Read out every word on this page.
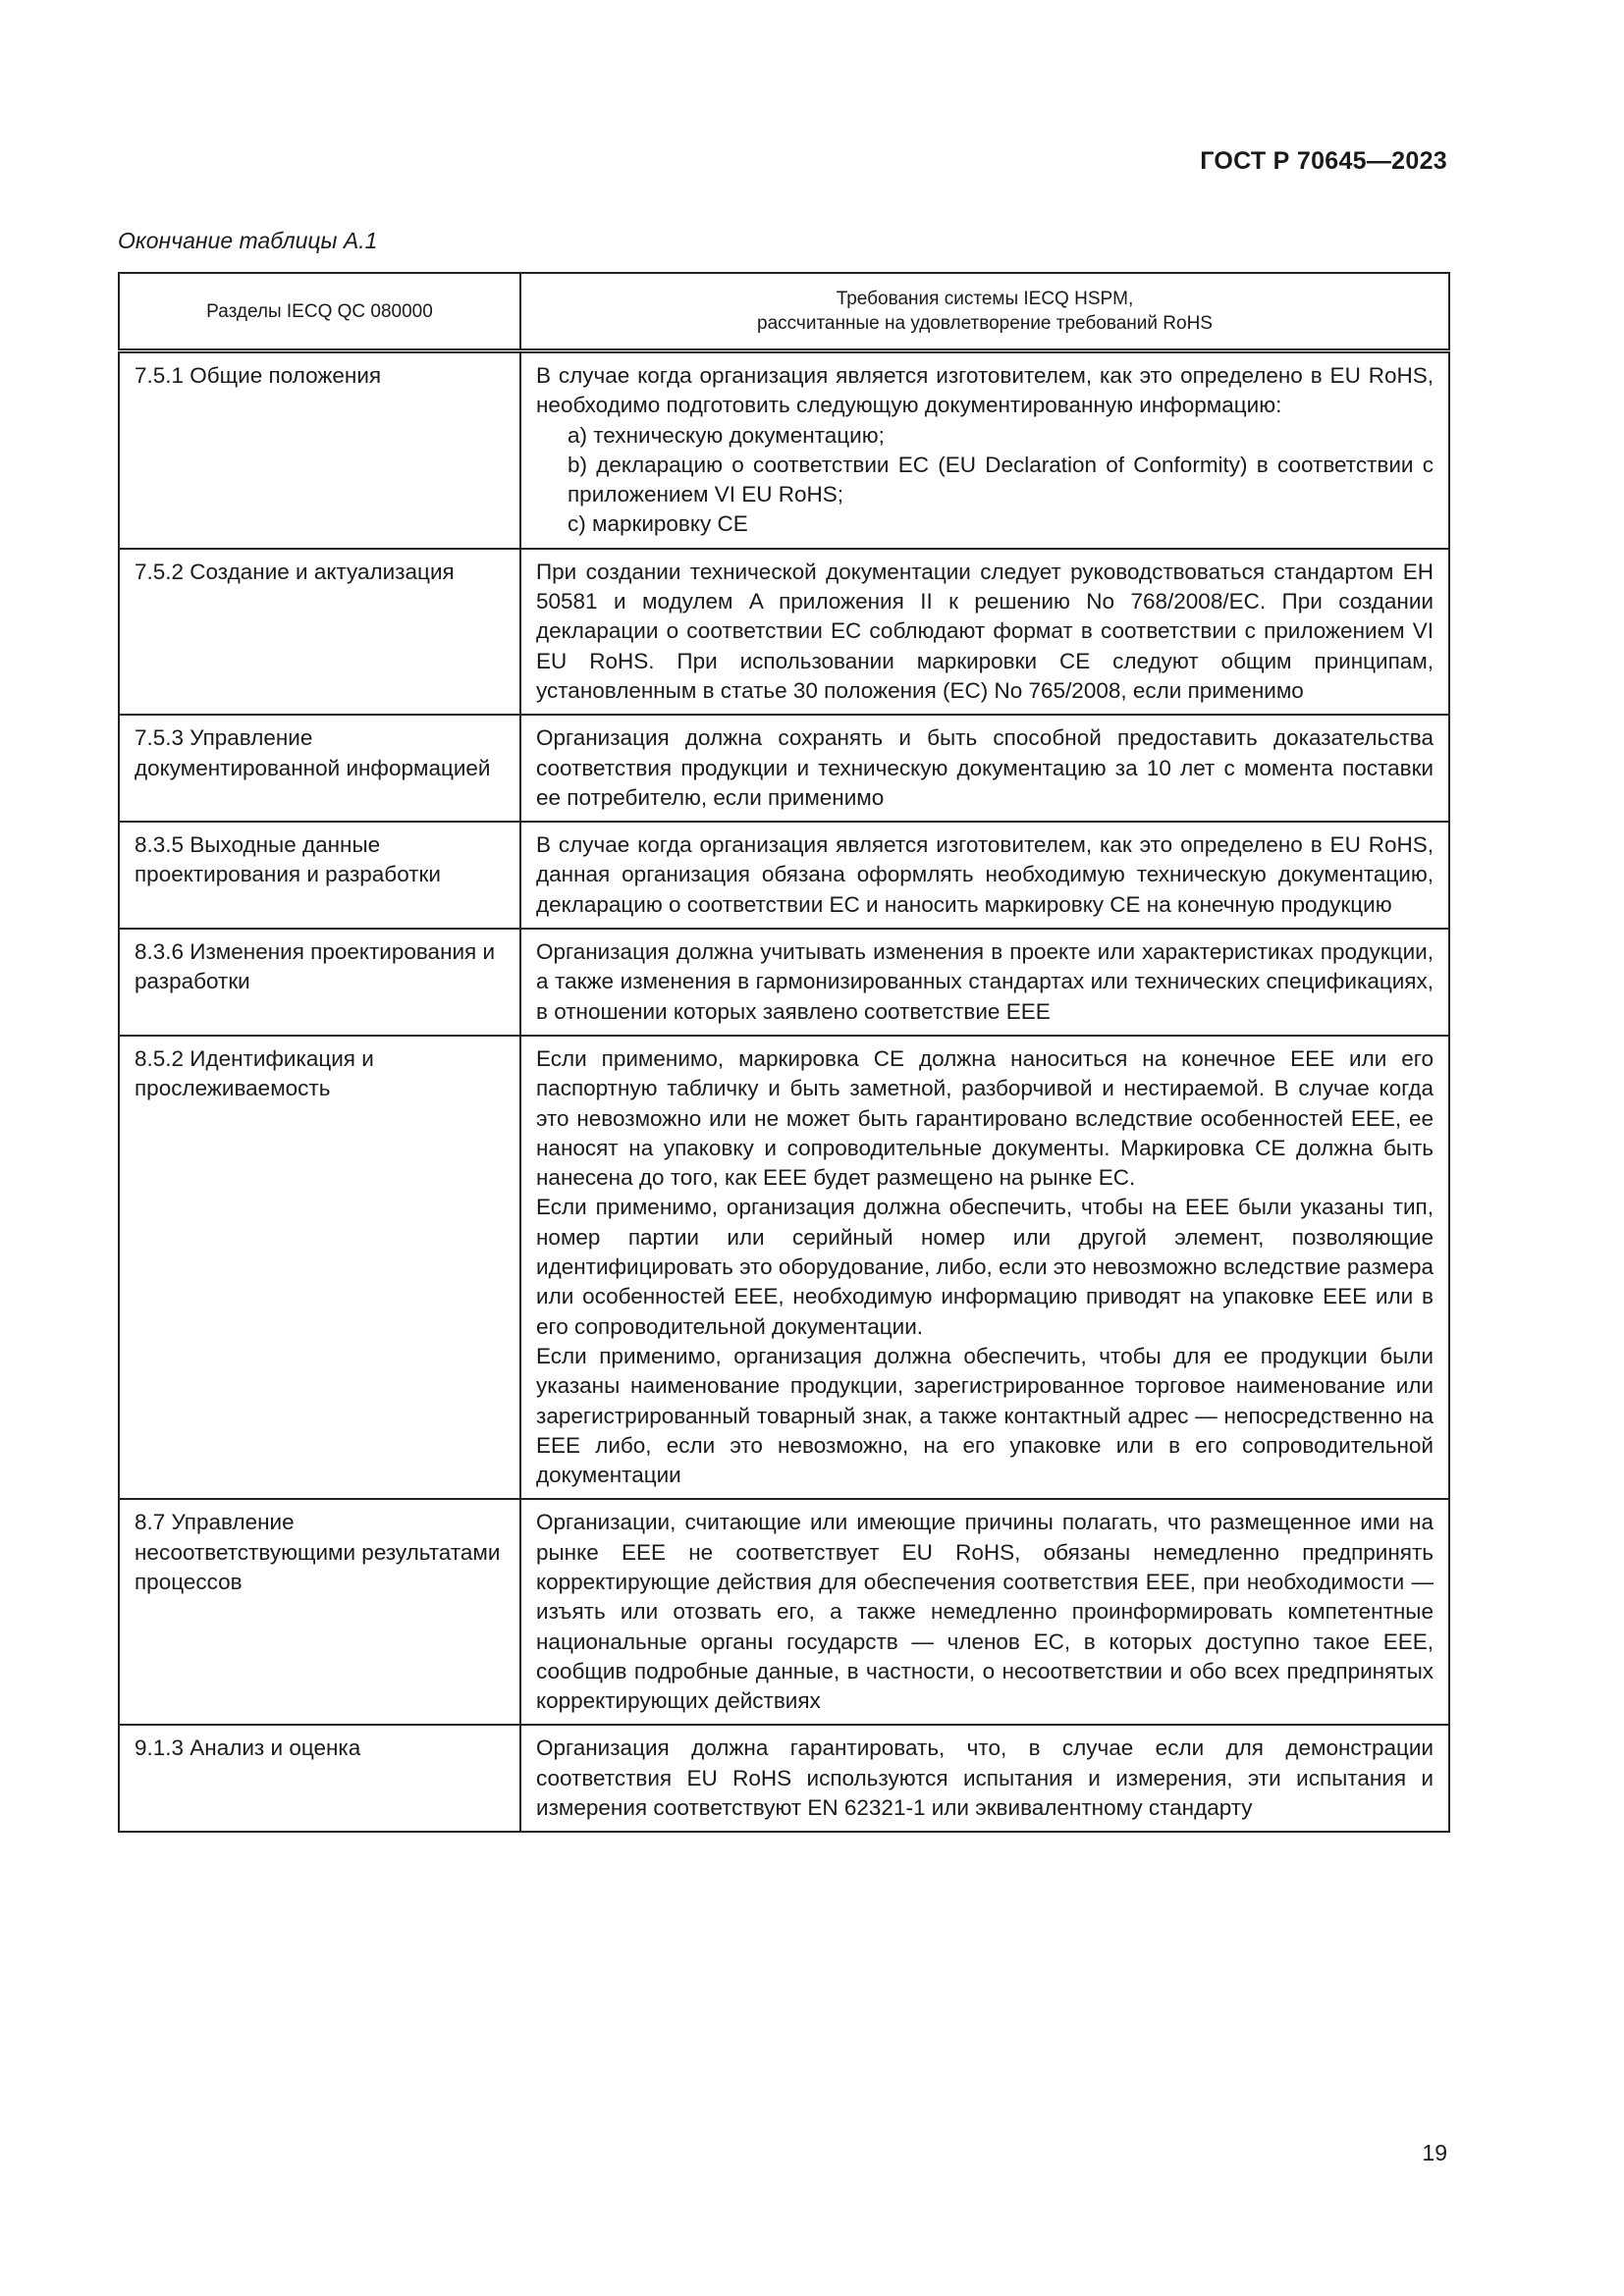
ГОСТ Р 70645—2023
Окончание таблицы А.1
Разделы IECQ QC 080000	Требования системы IECQ HSPM,
рассчитанные на удовлетворение требований RoHS

7.5.1 Общие положения	В случае когда организация является изготовителем, как это определено в EU RoHS, необходимо подготовить следующую документированную информацию:
a) техническую документацию;
b) декларацию о соответствии ЕС (EU Declaration of Conformity) в соответствии с приложением VI EU RoHS;
c) маркировку CE

7.5.2 Создание и актуализация	При создании технической документации следует руководствоваться стандартом EH 50581 и модулем A приложения II к решению No 768/2008/EC. При создании декларации о соответствии ЕС соблюдают формат в соответствии с приложением VI EU RoHS. При использовании маркировки CE следуют общим принципам, установленным в статье 30 положения (EC) No 765/2008, если применимо

7.5.3 Управление документированной информацией	Организация должна сохранять и быть способной предоставить доказательства соответствия продукции и техническую документацию за 10 лет с момента поставки ее потребителю, если применимо

8.3.5 Выходные данные проектирования и разработки	В случае когда организация является изготовителем, как это определено в EU RoHS, данная организация обязана оформлять необходимую техническую документацию, декларацию о соответствии ЕС и наносить маркировку CE на конечную продукцию

8.3.6 Изменения проектирования и разработки	Организация должна учитывать изменения в проекте или характеристиках продукции, а также изменения в гармонизированных стандартах или технических спецификациях, в отношении которых заявлено соответствие EEE

8.5.2 Идентификация и прослеживаемость	Если применимо, маркировка CE должна наноситься на конечное EEE или его паспортную табличку и быть заметной, разборчивой и нестираемой. В случае когда это невозможно или не может быть гарантировано вследствие особенностей EEE, ее наносят на упаковку и сопроводительные документы. Маркировка CE должна быть нанесена до того, как EEE будет размещено на рынке ЕС.
Если применимо, организация должна обеспечить, чтобы на EEE были указаны тип, номер партии или серийный номер или другой элемент, позволяющие идентифицировать это оборудование, либо, если это невозможно вследствие размера или особенностей EEE, необходимую информацию приводят на упаковке EEE или в его сопроводительной документации.
Если применимо, организация должна обеспечить, чтобы для ее продукции были указаны наименование продукции, зарегистрированное торговое наименование или зарегистрированный товарный знак, а также контактный адрес — непосредственно на EEE либо, если это невозможно, на его упаковке или в его сопроводительной документации

8.7 Управление несоответствующими результатами процессов	Организации, считающие или имеющие причины полагать, что размещенное ими на рынке EEE не соответствует EU RoHS, обязаны немедленно предпринять корректирующие действия для обеспечения соответствия EEE, при необходимости — изъять или отозвать его, а также немедленно проинформировать компетентные национальные органы государств — членов ЕС, в которых доступно такое EEE, сообщив подробные данные, в частности, о несоответствии и обо всех предпринятых корректирующих действиях

9.1.3 Анализ и оценка	Организация должна гарантировать, что, в случае если для демонстрации соответствия EU RoHS используются испытания и измерения, эти испытания и измерения соответствуют EN 62321-1 или эквивалентному стандарту
19
